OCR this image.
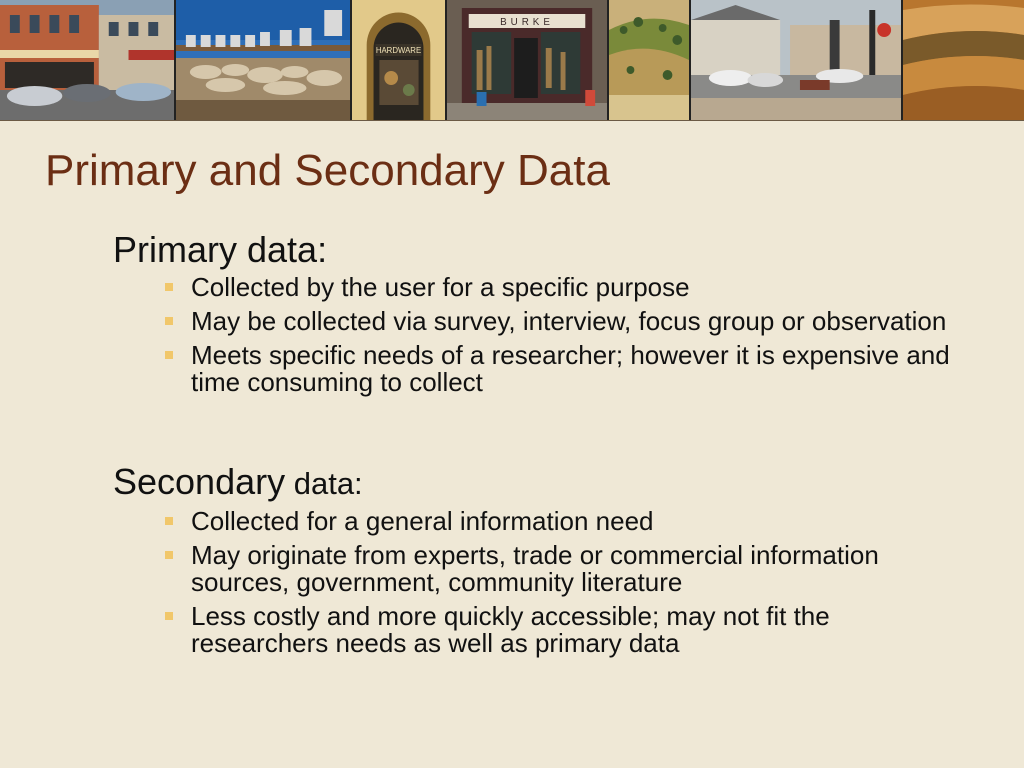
HARDWARE
BURKE
Primary and Secondary Data
Primary data:
Collected by the user for a specific purpose
May be collected via survey, interview, focus group or observation
Meets specific needs of a researcher; however it is expensive and time consuming to collect
Secondary data:
Collected for a general information need
May originate from experts, trade or commercial information sources, government, community literature
Less costly and more quickly accessible; may not fit the researchers needs as well as primary data
